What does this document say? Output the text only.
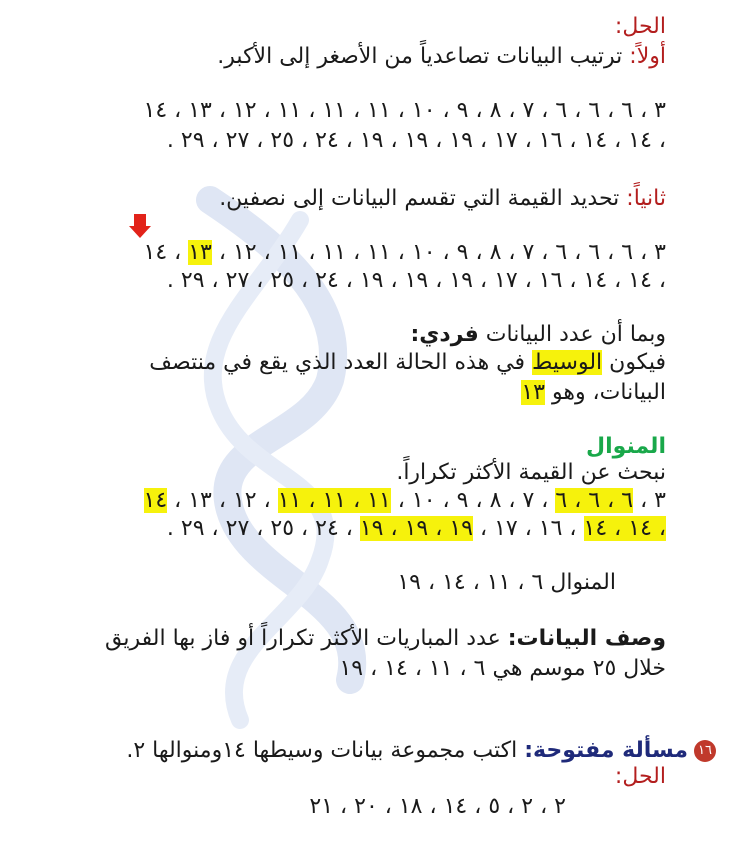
الحل:
أولاً: ترتيب البيانات تصاعدياً من الأصغر إلى الأكبر.
٣ ، ٦ ، ٦ ، ٦ ، ٧ ، ٨ ، ٩ ، ١٠ ، ١١ ، ١١ ، ١١ ، ١٢ ، ١٣ ، ١٤
، ١٤ ، ١٤ ، ١٦ ، ١٧ ، ١٩ ، ١٩ ، ١٩ ، ٢٤ ، ٢٥ ، ٢٧ ، ٢٩ .
ثانياً: تحديد القيمة التي تقسم البيانات إلى نصفين.
٣ ، ٦ ، ٦ ، ٦ ، ٧ ، ٨ ، ٩ ، ١٠ ، ١١ ، ١١ ، ١١ ، ١٢ ، ١٣ ، ١٤
، ١٤ ، ١٤ ، ١٦ ، ١٧ ، ١٩ ، ١٩ ، ١٩ ، ٢٤ ، ٢٥ ، ٢٧ ، ٢٩ .
وبما أن عدد البيانات فردي:
فيكون الوسيط في هذه الحالة العدد الذي يقع في منتصف
البيانات، وهو ١٣
المنوال
نبحث عن القيمة الأكثر تكراراً.
٣ ، ٦ ، ٦ ، ٦ ، ٧ ، ٨ ، ٩ ، ١٠ ، ١١ ، ١١ ، ١١ ، ١٢ ، ١٣ ، ١٤
، ١٤ ، ١٤ ، ١٦ ، ١٧ ، ١٩ ، ١٩ ، ١٩ ، ٢٤ ، ٢٥ ، ٢٧ ، ٢٩ .
المنوال ٦ ، ١١ ، ١٤ ، ١٩
وصف البيانات: عدد المباريات الأكثر تكراراً أو فاز بها الفريق
خلال ٢٥ موسم هي ٦ ، ١١ ، ١٤ ، ١٩
١٦مسألة مفتوحة: اكتب مجموعة بيانات وسيطها ١٤ومنوالها ٢.
الحل:
٢ ، ٢ ، ٥ ، ١٤ ، ١٨ ، ٢٠ ، ٢١
